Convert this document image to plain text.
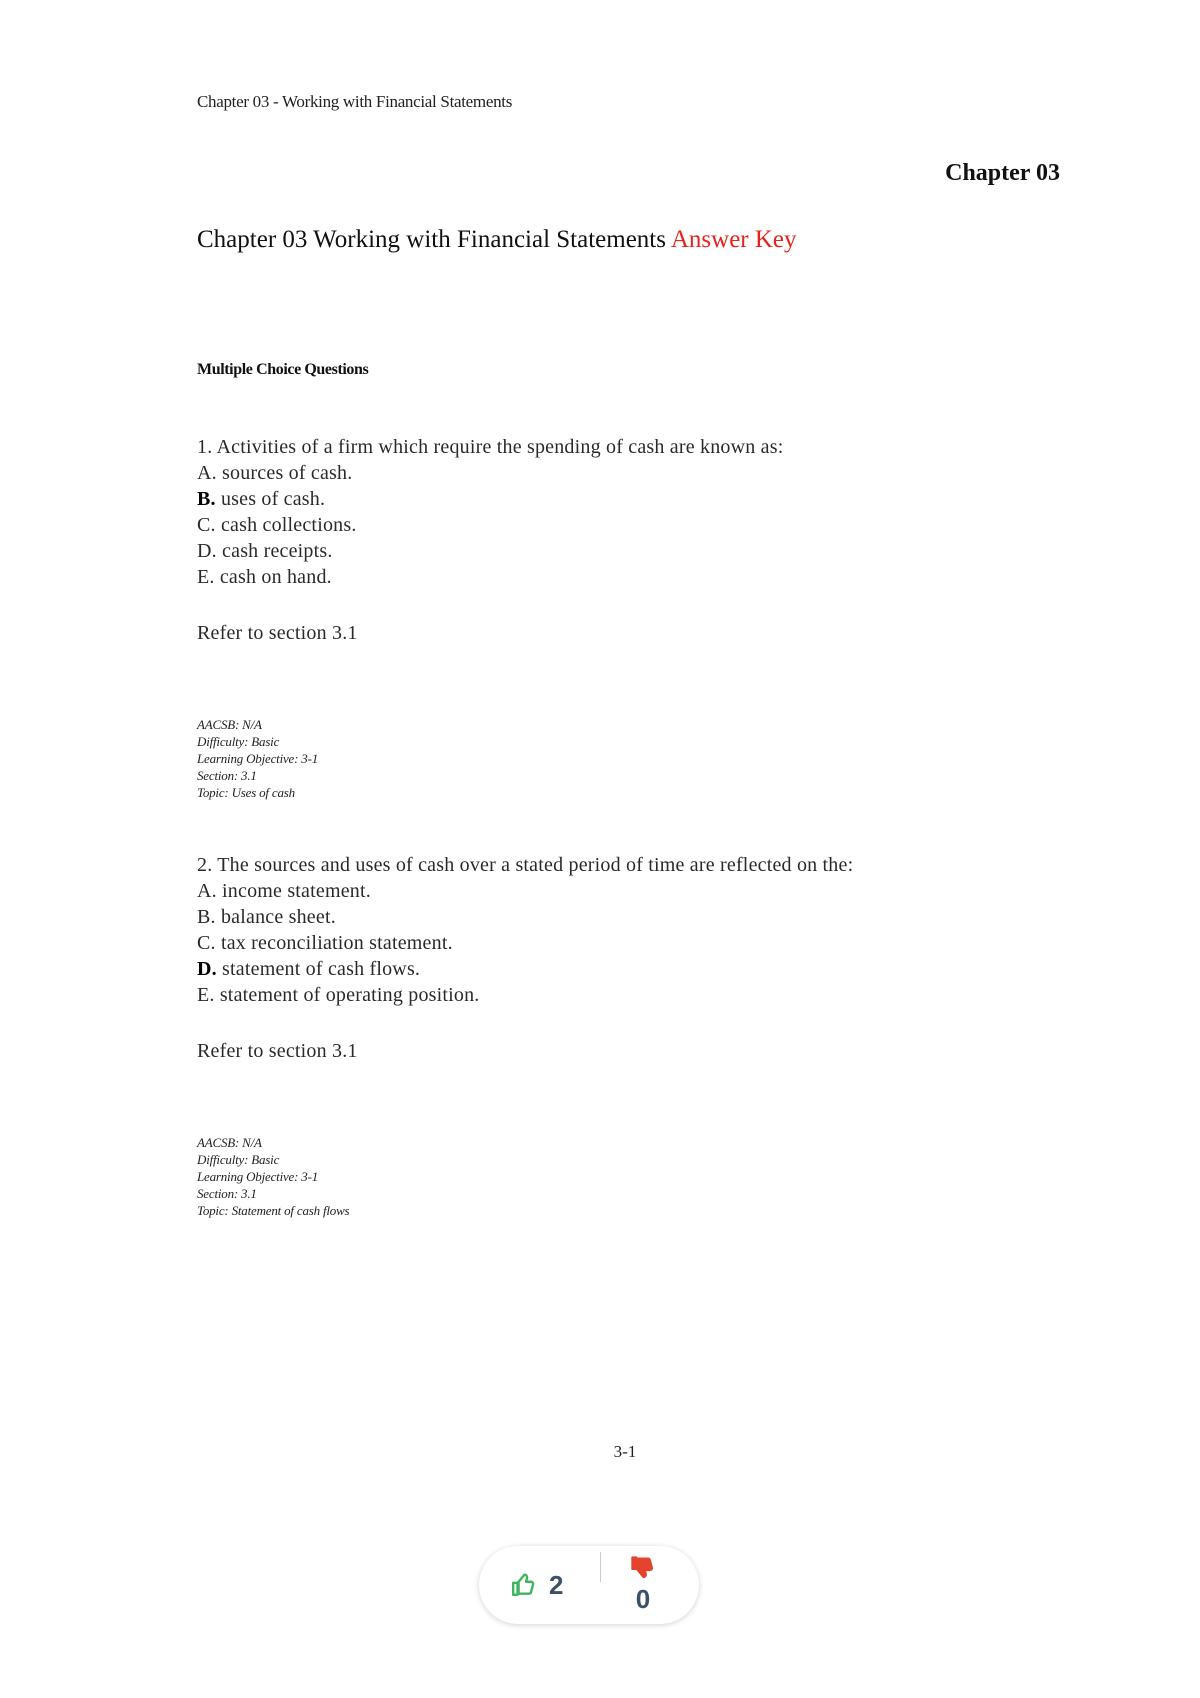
Chapter 03 - Working with Financial Statements
Chapter 03
Chapter 03 Working with Financial Statements Answer Key
Multiple Choice Questions
1. Activities of a firm which require the spending of cash are known as:
A. sources of cash.
B. uses of cash.
C. cash collections.
D. cash receipts.
E. cash on hand.
Refer to section 3.1
AACSB: N/A
Difficulty: Basic
Learning Objective: 3-1
Section: 3.1
Topic: Uses of cash
2. The sources and uses of cash over a stated period of time are reflected on the:
A. income statement.
B. balance sheet.
C. tax reconciliation statement.
D. statement of cash flows.
E. statement of operating position.
Refer to section 3.1
AACSB: N/A
Difficulty: Basic
Learning Objective: 3-1
Section: 3.1
Topic: Statement of cash flows
3-1
2	0
